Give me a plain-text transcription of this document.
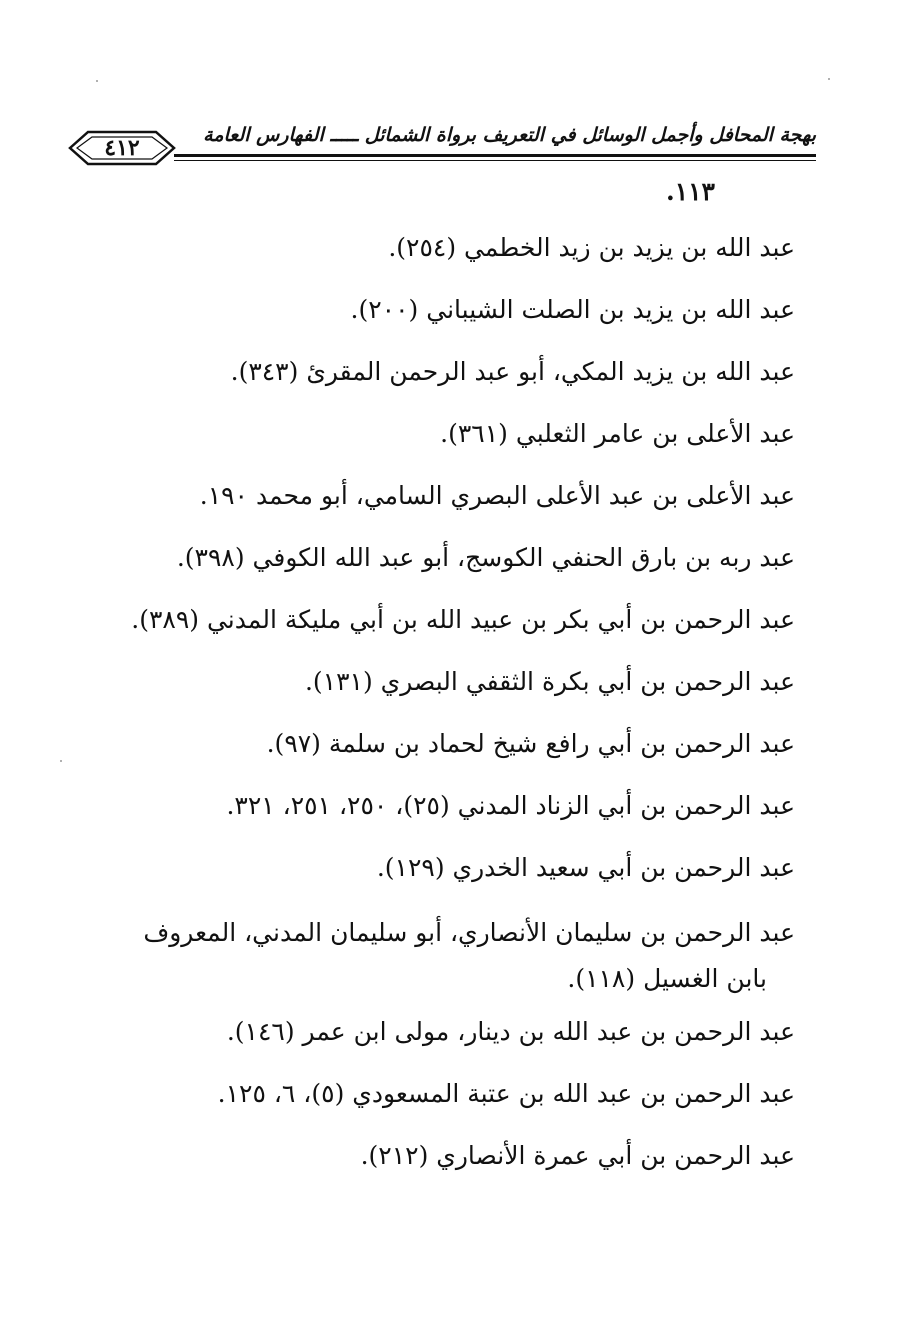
بهجة المحافل وأجمل الوسائل في التعريف برواة الشمائل ـــــ الفهارس العامة
٤١٢
١١٣.

عبد الله بن يزيد بن زيد الخطمي (٢٥٤).

عبد الله بن يزيد بن الصلت الشيباني (٢٠٠).

عبد الله بن يزيد المكي، أبو عبد الرحمن المقرئ (٣٤٣).

عبد الأعلى بن عامر الثعلبي (٣٦١).

عبد الأعلى بن عبد الأعلى البصري السامي، أبو محمد ١٩٠.

عبد ربه بن بارق الحنفي الكوسج، أبو عبد الله الكوفي (٣٩٨).

عبد الرحمن بن أبي بكر بن عبيد الله بن أبي مليكة المدني (٣٨٩).

عبد الرحمن بن أبي بكرة الثقفي البصري (١٣١).

عبد الرحمن بن أبي رافع شيخ لحماد بن سلمة (٩٧).

عبد الرحمن بن أبي الزناد المدني (٢٥)، ٢٥٠، ٢٥١، ٣٢١.

عبد الرحمن بن أبي سعيد الخدري (١٢٩).

عبد الرحمن بن سليمان الأنصاري، أبو سليمان المدني، المعروف
بابن الغسيل (١١٨).

عبد الرحمن بن عبد الله بن دينار، مولى ابن عمر (١٤٦).

عبد الرحمن بن عبد الله بن عتبة المسعودي (٥)، ٦، ١٢٥.

عبد الرحمن بن أبي عمرة الأنصاري (٢١٢).
